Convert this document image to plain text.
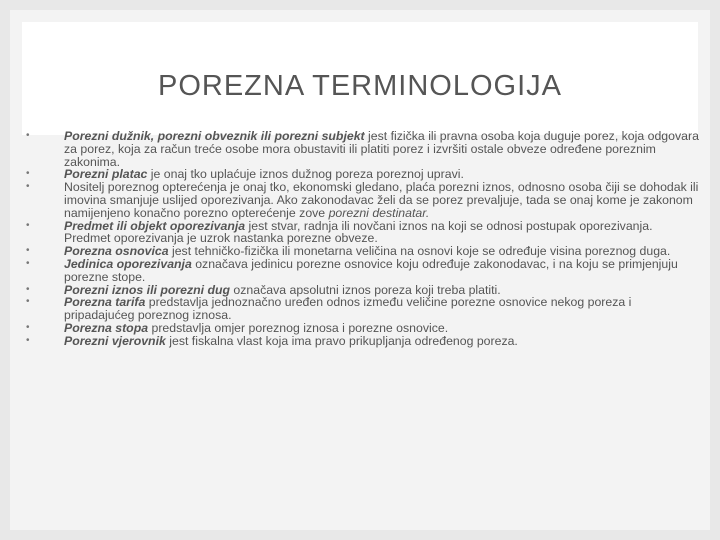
POREZNA TERMINOLOGIJA
•	Porezni dužnik, porezni obveznik ili porezni subjekt jest fizička ili pravna osoba koja duguje porez, koja odgovara za porez, koja za račun treće osobe mora obustaviti ili platiti porez i izvršiti ostale obveze određene poreznim zakonima.
•	Porezni platac je onaj tko uplaćuje iznos dužnog poreza poreznoj upravi.
•	Nositelj poreznog opterećenja je onaj tko, ekonomski gledano, plaća porezni iznos, odnosno osoba čiji se dohodak ili imovina smanjuje uslijed oporezivanja. Ako zakonodavac želi da se porez prevaljuje, tada se onaj kome je zakonom namijenjeno konačno porezno opterećenje zove porezni destinatar.
•	Predmet ili objekt oporezivanja jest stvar, radnja ili novčani iznos na koji se odnosi postupak oporezivanja. Predmet oporezivanja je uzrok nastanka porezne obveze.
•	Porezna osnovica jest tehničko-fizička ili monetarna veličina na osnovi koje se određuje visina poreznog duga.
•	Jedinica oporezivanja označava jedinicu porezne osnovice koju određuje zakonodavac, i na koju se primjenjuju porezne stope.
•	Porezni iznos ili porezni dug označava apsolutni iznos poreza koji treba platiti.
•	Porezna tarifa predstavlja jednoznačno uređen odnos između veličine porezne osnovice nekog poreza i pripadajućeg poreznog iznosa.
•	Porezna stopa predstavlja omjer poreznog iznosa i porezne osnovice.
•	Porezni vjerovnik jest fiskalna vlast koja ima pravo prikupljanja određenog poreza.
